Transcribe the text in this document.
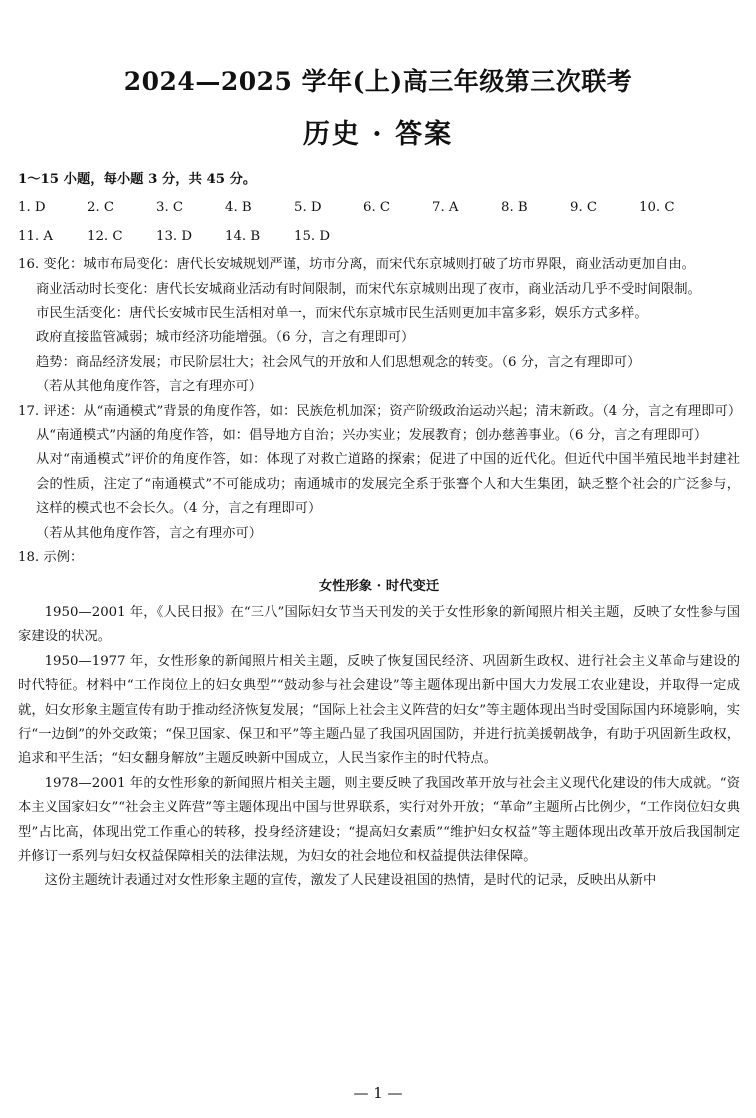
2024—2025 学年(上)高三年级第三次联考
历史 · 答案
1～15 小题，每小题 3 分，共 45 分。
1. D	2. C	3. C	4. B	5. D	6. C	7. A	8. B	9. C	10. C
11. A	12. C	13. D	14. B	15. D
16. 变化：城市布局变化：唐代长安城规划严谨，坊市分离，而宋代东京城则打破了坊市界限，商业活动更加自由。
商业活动时长变化：唐代长安城商业活动有时间限制，而宋代东京城则出现了夜市，商业活动几乎不受时间限制。
市民生活变化：唐代长安城市民生活相对单一，而宋代东京城市民生活则更加丰富多彩，娱乐方式多样。
政府直接监管减弱；城市经济功能增强。（6 分，言之有理即可）
趋势：商品经济发展；市民阶层壮大；社会风气的开放和人们思想观念的转变。（6 分，言之有理即可）
（若从其他角度作答，言之有理亦可）
17. 评述：从“南通模式”背景的角度作答，如：民族危机加深；资产阶级政治运动兴起；清末新政。（4 分，言之有理即可）
从“南通模式”内涵的角度作答，如：倡导地方自治；兴办实业；发展教育；创办慈善事业。（6 分，言之有理即可）
从对“南通模式”评价的角度作答，如：体现了对救亡道路的探索；促进了中国的近代化。但近代中国半殖民地半封建社会的性质，注定了“南通模式”不可能成功；南通城市的发展完全系于张謇个人和大生集团，缺乏整个社会的广泛参与，这样的模式也不会长久。（4 分，言之有理即可）
（若从其他角度作答，言之有理亦可）
18. 示例：
女性形象 · 时代变迁
1950—2001 年，《人民日报》在“三八”国际妇女节当天刊发的关于女性形象的新闻照片相关主题，反映了女性参与国家建设的状况。
1950—1977 年，女性形象的新闻照片相关主题，反映了恢复国民经济、巩固新生政权、进行社会主义革命与建设的时代特征。材料中“工作岗位上的妇女典型”“鼓动参与社会建设”等主题体现出新中国大力发展工农业建设，并取得一定成就，妇女形象主题宣传有助于推动经济恢复发展；“国际上社会主义阵营的妇女”等主题体现出当时受国际国内环境影响，实行“一边倒”的外交政策；“保卫国家、保卫和平”等主题凸显了我国巩固国防，并进行抗美援朝战争，有助于巩固新生政权，追求和平生活；“妇女翻身解放”主题反映新中国成立，人民当家作主的时代特点。
1978—2001 年的女性形象的新闻照片相关主题，则主要反映了我国改革开放与社会主义现代化建设的伟大成就。“资本主义国家妇女”“社会主义阵营”等主题体现出中国与世界联系，实行对外开放；“革命”主题所占比例少，“工作岗位妇女典型”占比高，体现出党工作重心的转移，投身经济建设；“提高妇女素质”“维护妇女权益”等主题体现出改革开放后我国制定并修订一系列与妇女权益保障相关的法律法规，为妇女的社会地位和权益提供法律保障。
这份主题统计表通过对女性形象主题的宣传，激发了人民建设祖国的热情，是时代的记录，反映出从新中
— 1 —
